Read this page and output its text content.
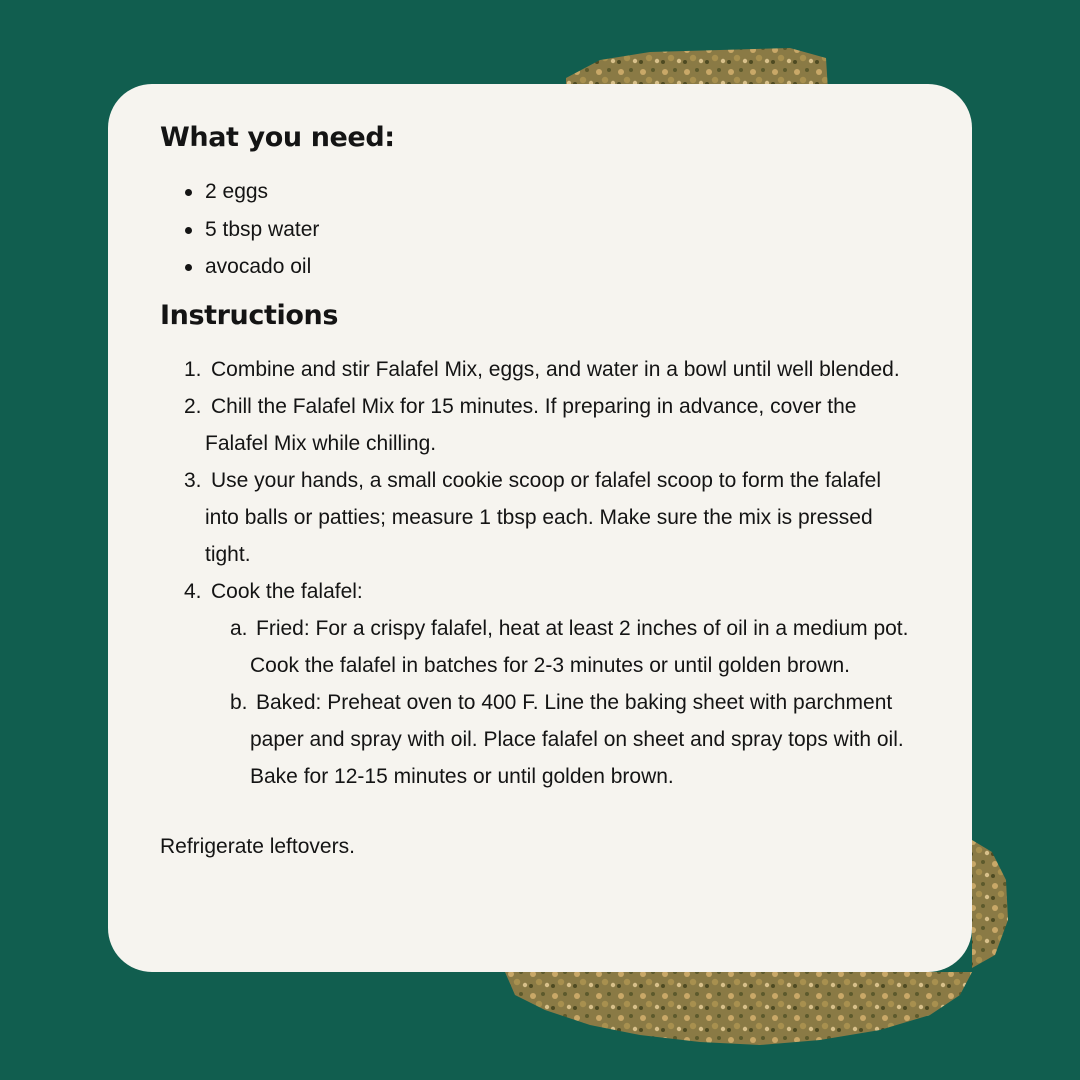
What you need:
2 eggs
5 tbsp water
avocado oil
Instructions
1. Combine and stir Falafel Mix, eggs, and water in a bowl until well blended.
2. Chill the Falafel Mix for 15 minutes. If preparing in advance, cover the Falafel Mix while chilling.
3. Use your hands, a small cookie scoop or falafel scoop to form the falafel into balls or patties; measure 1 tbsp each. Make sure the mix is pressed tight.
4. Cook the falafel:
a. Fried: For a crispy falafel, heat at least 2 inches of oil in a medium pot. Cook the falafel in batches for 2-3 minutes or until golden brown.
b. Baked: Preheat oven to 400 F. Line the baking sheet with parchment paper and spray with oil. Place falafel on sheet and spray tops with oil. Bake for 12-15 minutes or until golden brown.
Refrigerate leftovers.
